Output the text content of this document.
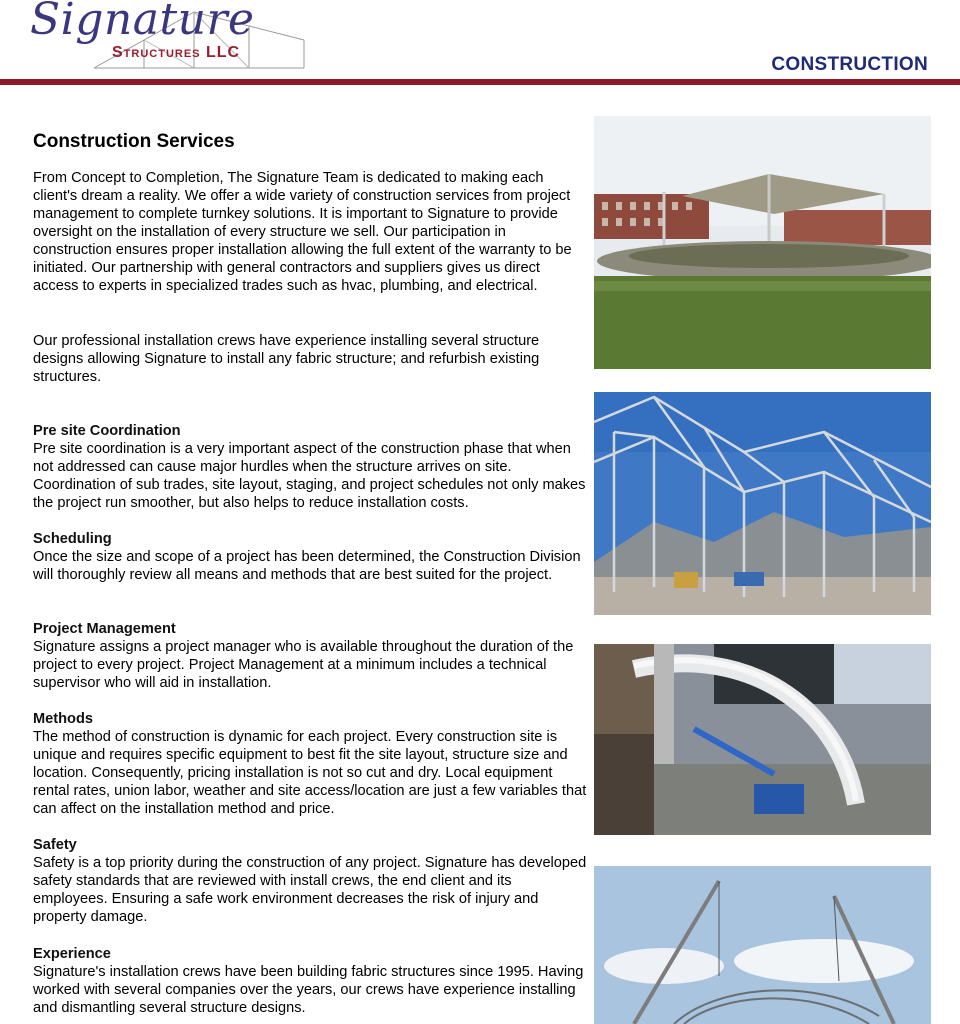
Signature
Structures LLC
CONSTRUCTION
Construction Services

From Concept to Completion, The Signature Team is dedicated to making each client's dream a reality. We offer a wide variety of construction services from project management to complete turnkey solutions. It is important to Signature to provide oversight on the installation of every structure we sell. Our participation in construction ensures proper installation allowing the full extent of the warranty to be initiated. Our partnership with general contractors and suppliers gives us direct access to experts in specialized trades such as hvac, plumbing, and electrical.

Our professional installation crews have experience installing several structure designs allowing Signature to install any fabric structure; and refurbish existing structures.

Pre site Coordination

Pre site coordination is a very important aspect of the construction phase that when not addressed can cause major hurdles when the structure arrives on site. Coordination of sub trades, site layout, staging, and project schedules not only makes the project run smoother, but also helps to reduce installation costs.

Scheduling

Once the size and scope of a project has been determined, the Construction Division will thoroughly review all means and methods that are best suited for the project.

Project Management

Signature assigns a project manager who is available throughout the duration of the project to every project. Project Management at a minimum includes a technical supervisor who will aid in installation.

Methods

The method of construction is dynamic for each project. Every construction site is unique and requires specific equipment to best fit the site layout, structure size and location. Consequently, pricing installation is not so cut and dry. Local equipment rental rates, union labor, weather and site access/location are just a few variables that can affect on the installation method and price.

Safety

Safety is a top priority during the construction of any project. Signature has developed safety standards that are reviewed with install crews, the end client and its employees. Ensuring a safe work environment decreases the risk of injury and property damage.

Experience

Signature's installation crews have been building fabric structures since 1995. Having worked with several companies over the years, our crews have experience installing and dismantling several structure designs.
